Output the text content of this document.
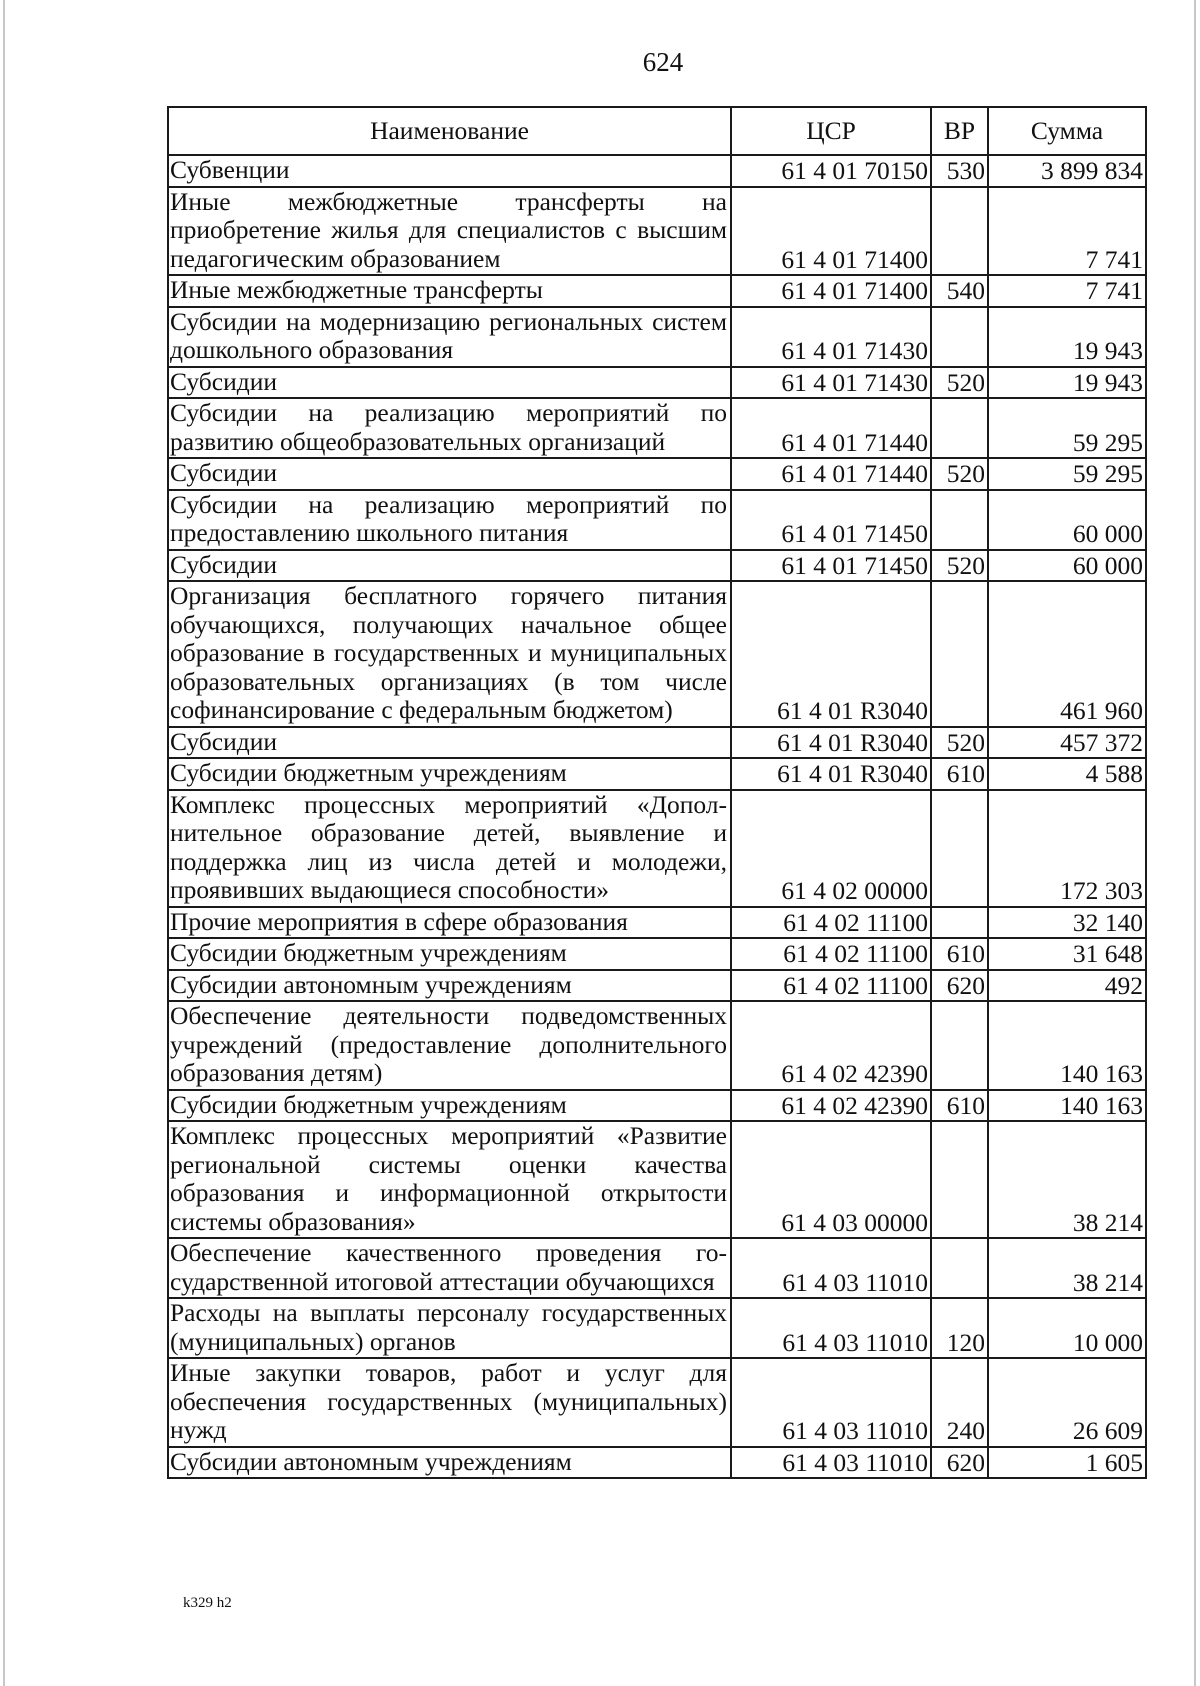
624
Наименование	ЦСР	ВР	Сумма
Субвенции	61 4 01 70150	530	3 899 834
Иные межбюджетные трансферты на приобретение жилья для специалистов с высшим педагогическим образованием	61 4 01 71400		7 741
Иные межбюджетные трансферты	61 4 01 71400	540	7 741
Субсидии на модернизацию региональных систем дошкольного образования	61 4 01 71430		19 943
Субсидии	61 4 01 71430	520	19 943
Субсидии на реализацию мероприятий по развитию общеобразовательных организаций	61 4 01 71440		59 295
Субсидии	61 4 01 71440	520	59 295
Субсидии на реализацию мероприятий по предоставлению школьного питания	61 4 01 71450		60 000
Субсидии	61 4 01 71450	520	60 000
Организация бесплатного горячего питания обучающихся, получающих начальное общее образование в государственных и муниципальных образовательных организациях (в том числе софинансирование с федеральным бюджетом)	61 4 01 R3040		461 960
Субсидии	61 4 01 R3040	520	457 372
Субсидии бюджетным учреждениям	61 4 01 R3040	610	4 588
Комплекс процессных мероприятий «Дополнительное образование детей, выявление и поддержка лиц из числа детей и молодежи, проявивших выдающиеся способности»	61 4 02 00000		172 303
Прочие мероприятия в сфере образования	61 4 02 11100		32 140
Субсидии бюджетным учреждениям	61 4 02 11100	610	31 648
Субсидии автономным учреждениям	61 4 02 11100	620	492
Обеспечение деятельности подведомственных учреждений (предоставление дополнительного образования детям)	61 4 02 42390		140 163
Субсидии бюджетным учреждениям	61 4 02 42390	610	140 163
Комплекс процессных мероприятий «Развитие региональной системы оценки качества образования и информационной открытости системы образования»	61 4 03 00000		38 214
Обеспечение качественного проведения государственной итоговой аттестации обучающихся	61 4 03 11010		38 214
Расходы на выплаты персоналу государственных (муниципальных) органов	61 4 03 11010	120	10 000
Иные закупки товаров, работ и услуг для обеспечения государственных (муниципальных) нужд	61 4 03 11010	240	26 609
Субсидии автономным учреждениям	61 4 03 11010	620	1 605
k329 h2
